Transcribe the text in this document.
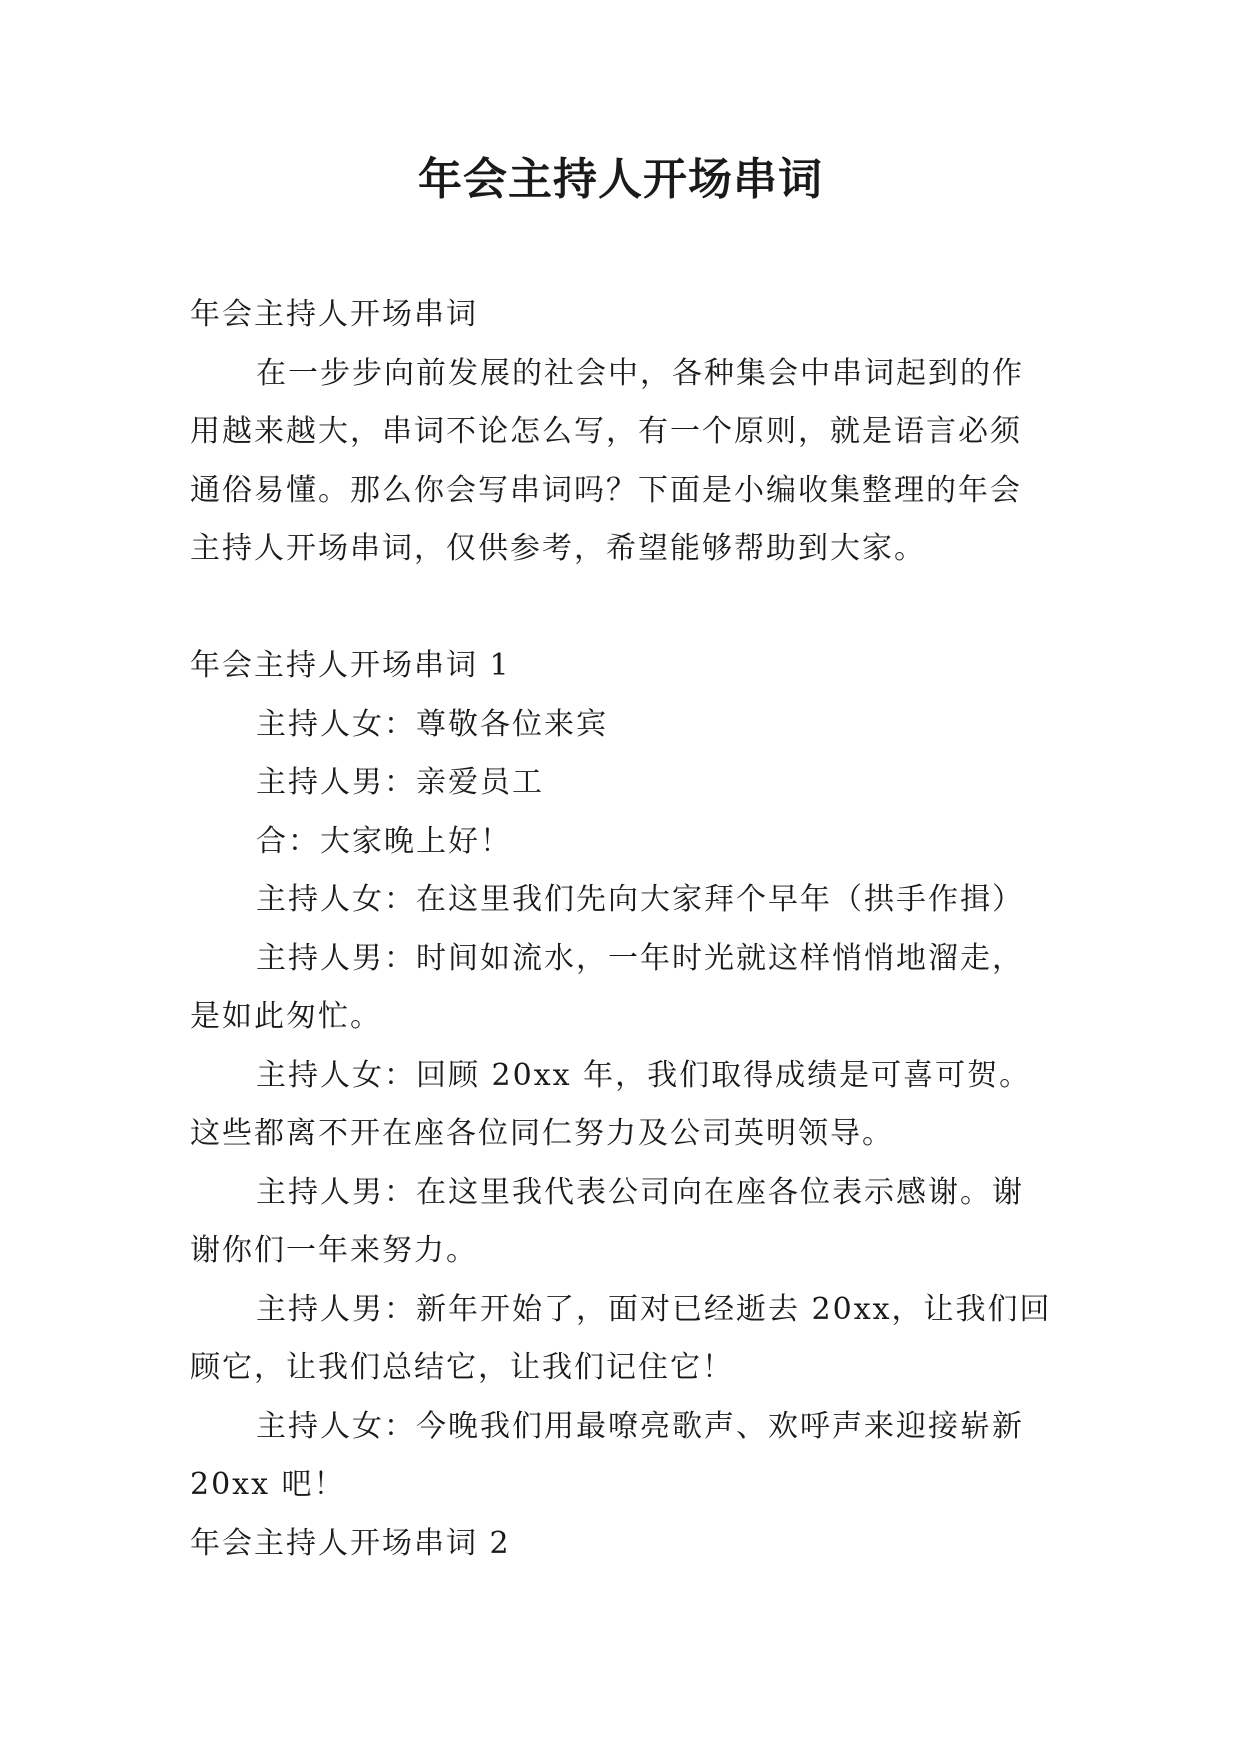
年会主持人开场串词

年会主持人开场串词

在一步步向前发展的社会中，各种集会中串词起到的作

用越来越大，串词不论怎么写，有一个原则，就是语言必须

通俗易懂。那么你会写串词吗？下面是小编收集整理的年会

主持人开场串词，仅供参考，希望能够帮助到大家。

年会主持人开场串词 1

主持人女：尊敬各位来宾

主持人男：亲爱员工

合：大家晚上好！

主持人女：在这里我们先向大家拜个早年（拱手作揖）

主持人男：时间如流水，一年时光就这样悄悄地溜走，

是如此匆忙。

主持人女：回顾 20xx 年，我们取得成绩是可喜可贺。

这些都离不开在座各位同仁努力及公司英明领导。

主持人男：在这里我代表公司向在座各位表示感谢。谢

谢你们一年来努力。

主持人男：新年开始了，面对已经逝去 20xx，让我们回

顾它，让我们总结它，让我们记住它！

主持人女：今晚我们用最嘹亮歌声、欢呼声来迎接崭新

20xx 吧！

年会主持人开场串词 2
